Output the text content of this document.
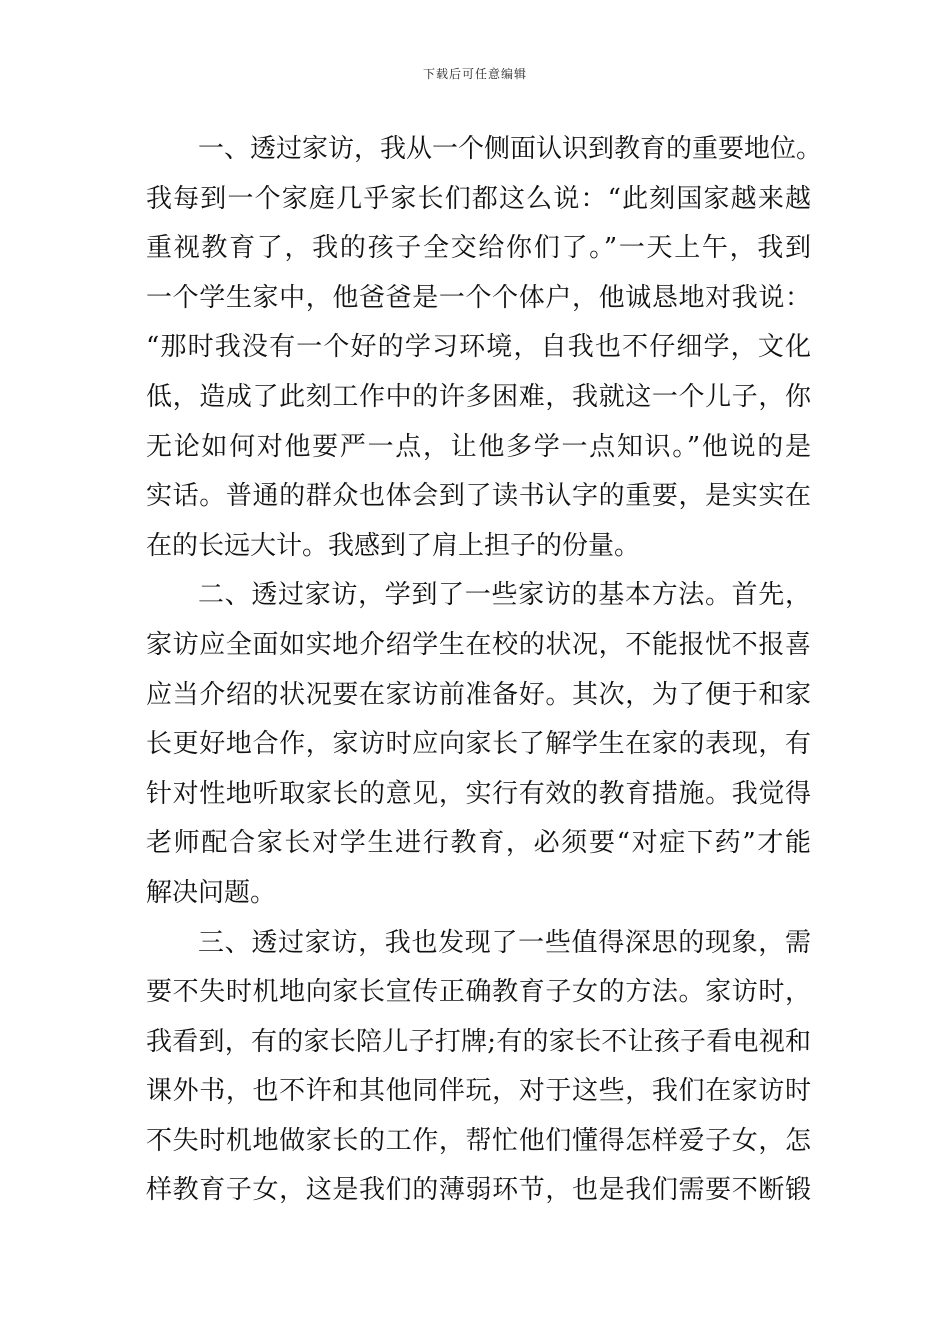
下载后可任意编辑
一、透过家访，我从一个侧面认识到教育的重要地位。
我每到一个家庭几乎家长们都这么说：“此刻国家越来越
重视教育了，我的孩子全交给你们了。”一天上午，我到
一个学生家中，他爸爸是一个个体户，他诚恳地对我说：
“那时我没有一个好的学习环境，自我也不仔细学，文化
低，造成了此刻工作中的许多困难，我就这一个儿子，你
无论如何对他要严一点，让他多学一点知识。”他说的是
实话。普通的群众也体会到了读书认字的重要，是实实在
在的长远大计。我感到了肩上担子的份量。
二、透过家访，学到了一些家访的基本方法。首先，
家访应全面如实地介绍学生在校的状况，不能报忧不报喜
应当介绍的状况要在家访前准备好。其次，为了便于和家
长更好地合作，家访时应向家长了解学生在家的表现，有
针对性地听取家长的意见，实行有效的教育措施。我觉得
老师配合家长对学生进行教育，必须要“对症下药”才能
解决问题。
三、透过家访，我也发现了一些值得深思的现象，需
要不失时机地向家长宣传正确教育子女的方法。家访时，
我看到，有的家长陪儿子打牌;有的家长不让孩子看电视和
课外书，也不许和其他同伴玩，对于这些，我们在家访时
不失时机地做家长的工作，帮忙他们懂得怎样爱子女，怎
样教育子女，这是我们的薄弱环节，也是我们需要不断锻
